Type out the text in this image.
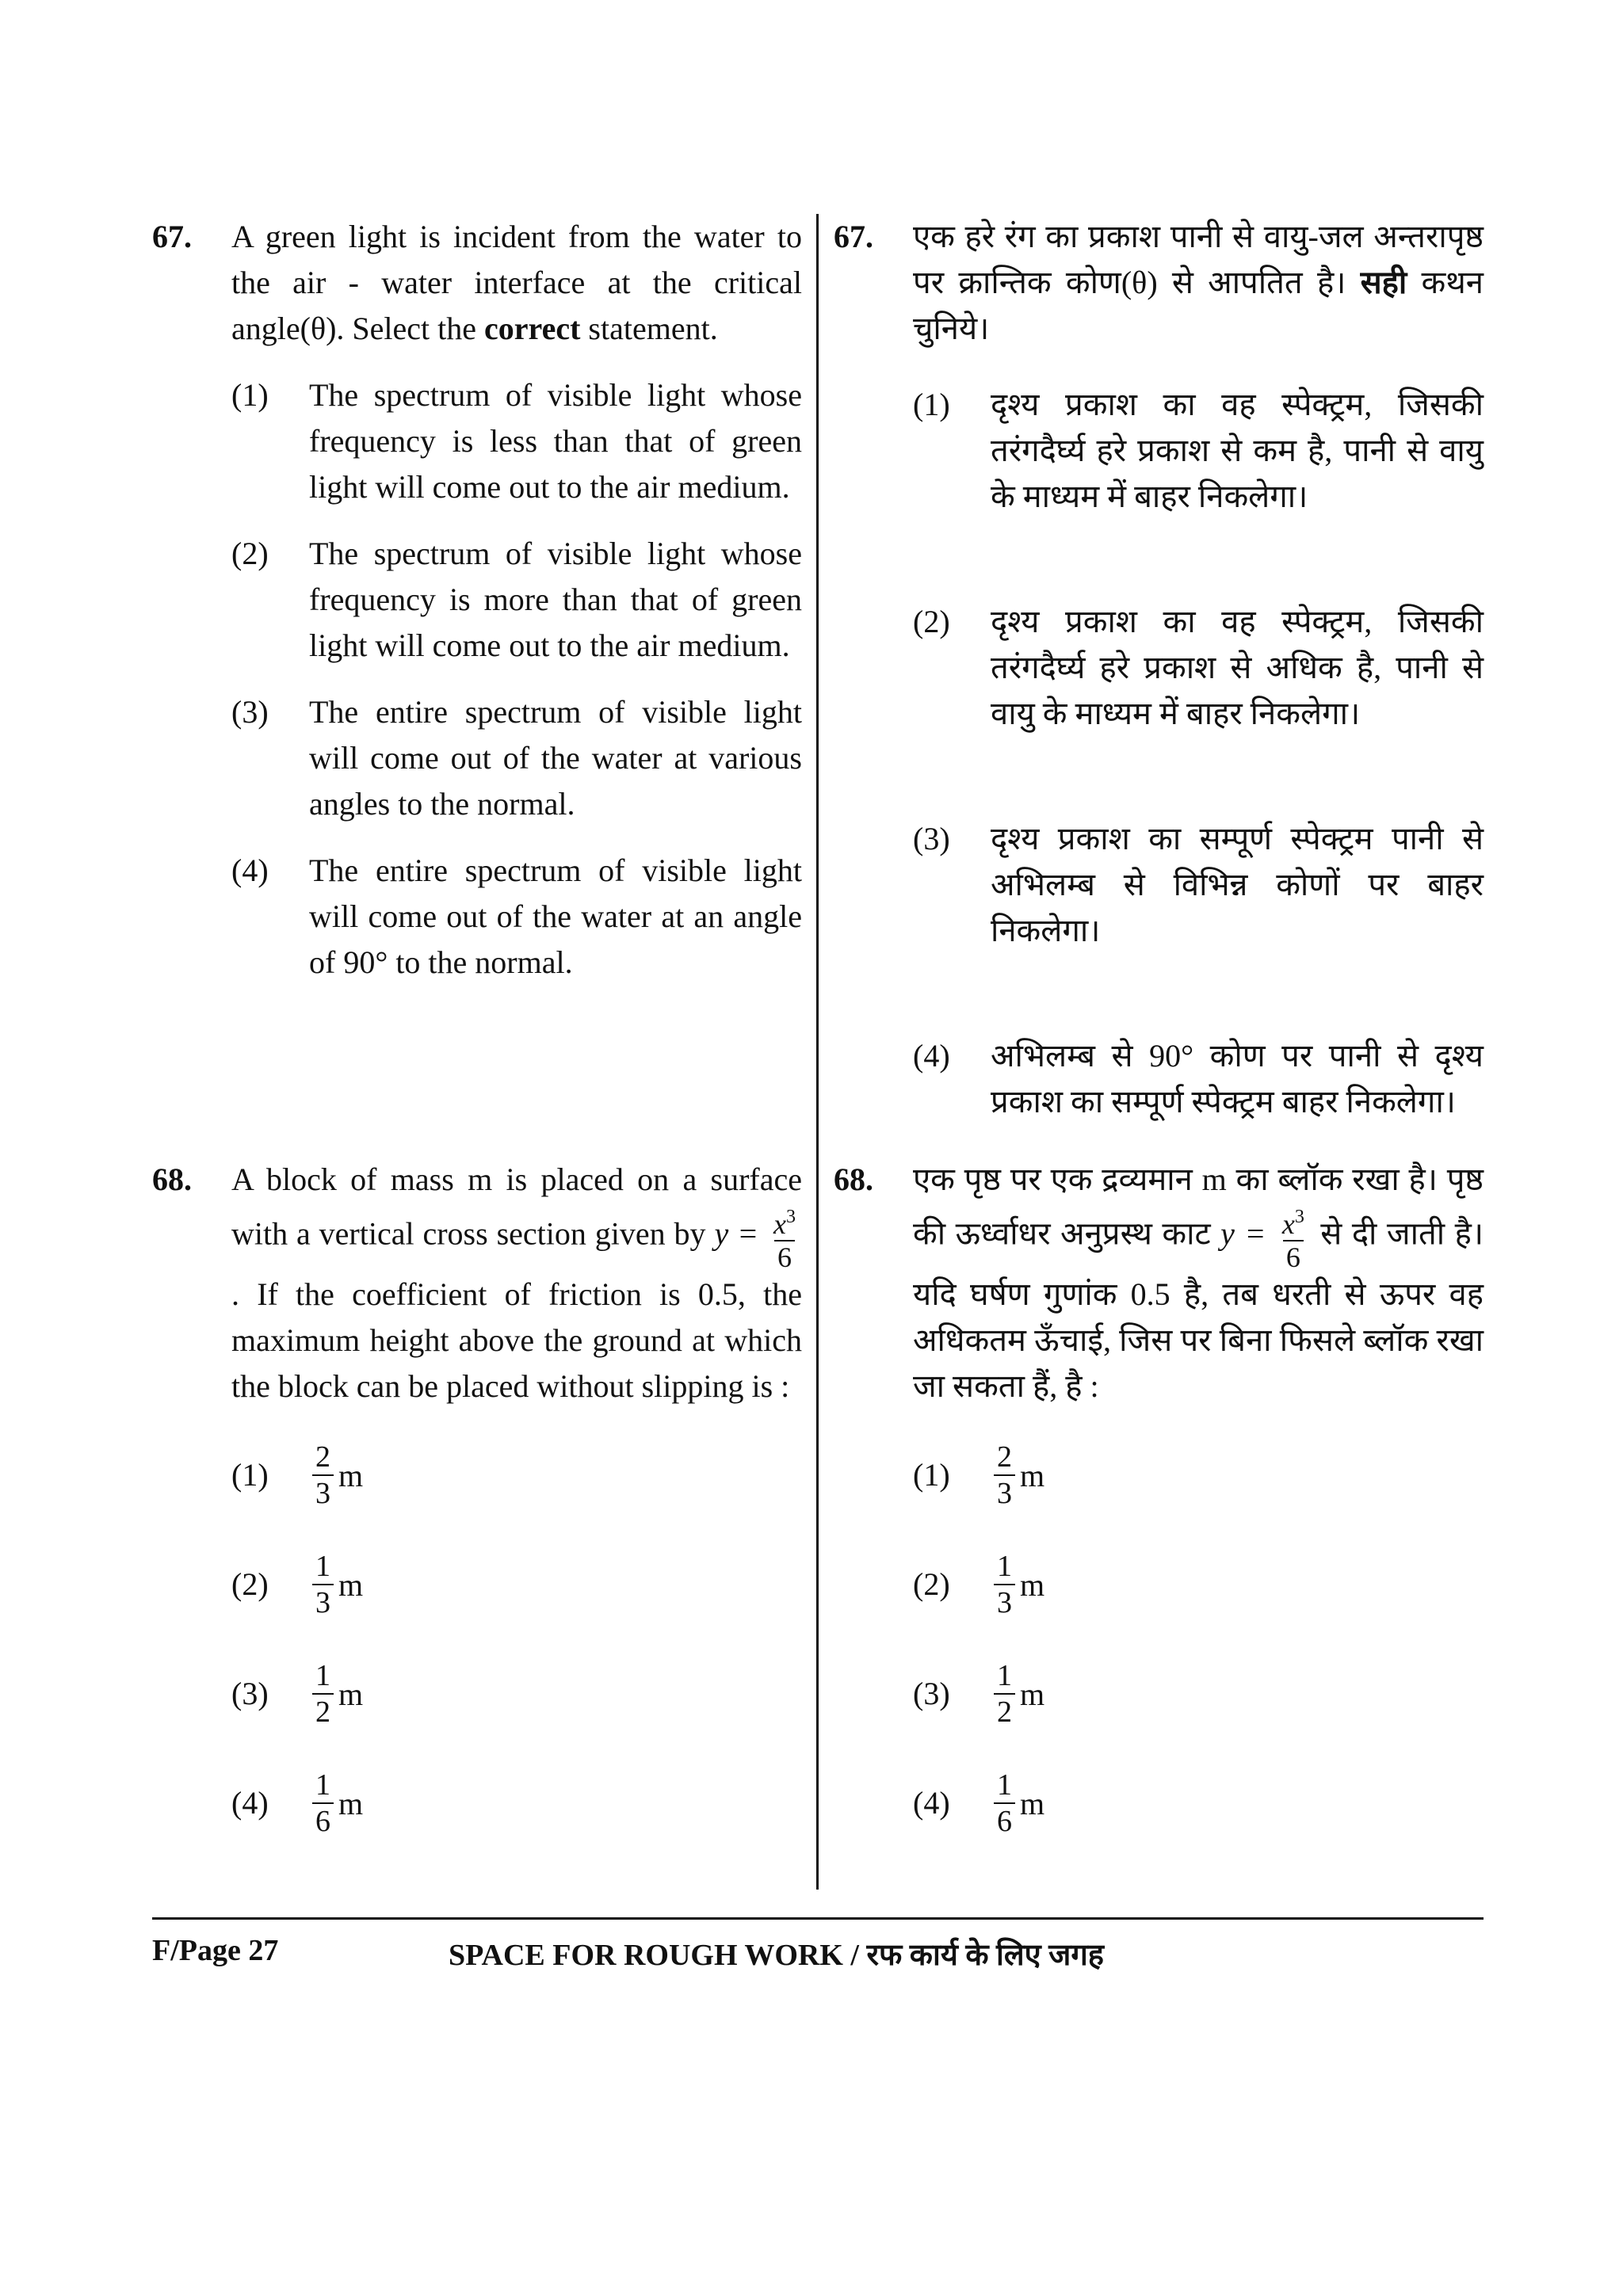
67.	A green light is incident from the water to the air - water interface at the critical angle(θ). Select the correct statement.
(1)	The spectrum of visible light whose frequency is less than that of green light will come out to the air medium.
(2)	The spectrum of visible light whose frequency is more than that of green light will come out to the air medium.
(3)	The entire spectrum of visible light will come out of the water at various angles to the normal.
(4)	The entire spectrum of visible light will come out of the water at an angle of 90° to the normal.
68.	A block of mass m is placed on a surface with a vertical cross section given by $y = \frac{x^3}{6}$
. If the coefficient of friction is 0.5, the maximum height above the ground at which the block can be placed without slipping is :
(1)	$\frac{2}{3}$ m
(2)	$\frac{1}{3}$ m
(3)	$\frac{1}{2}$ m
(4)	$\frac{1}{6}$ m
67.	एक हरे रंग का प्रकाश पानी से वायु-जल अन्तरापृष्ठ पर क्रान्तिक कोण(θ) से आपतित है। सही कथन चुनिये।
(1)	दृश्य प्रकाश का वह स्पेक्ट्रम, जिसकी तरंगदैर्घ्य हरे प्रकाश से कम है, पानी से वायु के माध्यम में बाहर निकलेगा।
(2)	दृश्य प्रकाश का वह स्पेक्ट्रम, जिसकी तरंगदैर्घ्य हरे प्रकाश से अधिक है, पानी से वायु के माध्यम में बाहर निकलेगा।
(3)	दृश्य प्रकाश का सम्पूर्ण स्पेक्ट्रम पानी से अभिलम्ब से विभिन्न कोणों पर बाहर निकलेगा।
(4)	अभिलम्ब से 90° कोण पर पानी से दृश्य प्रकाश का सम्पूर्ण स्पेक्ट्रम बाहर निकलेगा।
68.	एक पृष्ठ पर एक द्रव्यमान m का ब्लॉक रखा है। पृष्ठ की ऊर्ध्वाधर अनुप्रस्थ काट $y = \frac{x^3}{6}$ से दी जाती है। यदि घर्षण गुणांक 0.5 है, तब धरती से ऊपर वह अधिकतम ऊँचाई, जिस पर बिना फिसले ब्लॉक रखा जा सकता हैं, है :
(1)	$\frac{2}{3}$ m
(2)	$\frac{1}{3}$ m
(3)	$\frac{1}{2}$ m
(4)	$\frac{1}{6}$ m
F/Page 27	SPACE FOR ROUGH WORK / रफ कार्य के लिए जगह
